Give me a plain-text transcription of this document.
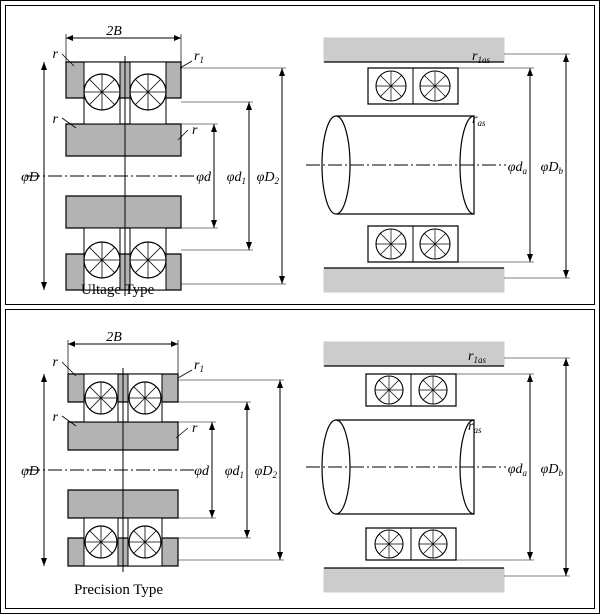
2B
r
r
r
$r_1$
φD	φd $\varphi d_1$ $\varphi D_2$
$r_{1as}$
$r_{as}$
$\varphi d_a$ $\varphi D_b$
Ultage Type
2B
r
r
r
$r_1$
φD	φd $\varphi d_1$ $\varphi D_2$
$r_{1as}$
$r_{as}$
$\varphi d_a$ $\varphi D_b$
Precision Type
